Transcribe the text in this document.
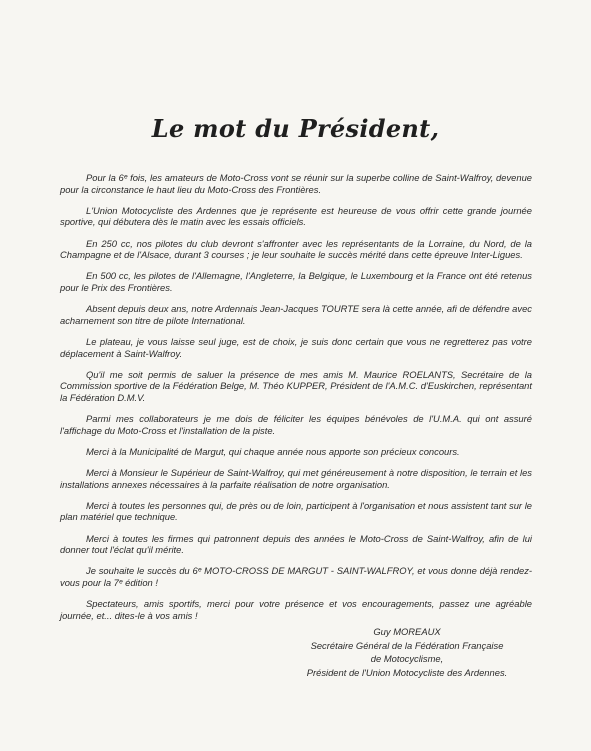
Le mot du Président,

Pour la 6ᵉ fois, les amateurs de Moto-Cross vont se réunir sur la superbe colline de Saint-Walfroy, devenue pour la circonstance le haut lieu du Moto-Cross des Frontières.

L'Union Motocycliste des Ardennes que je représente est heureuse de vous offrir cette grande journée sportive, qui débutera dès le matin avec les essais officiels.

En 250 cc, nos pilotes du club devront s'affronter avec les représentants de la Lorraine, du Nord, de la Champagne et de l'Alsace, durant 3 courses ; je leur souhaite le succès mérité dans cette épreuve Inter-Ligues.

En 500 cc, les pilotes de l'Allemagne, l'Angleterre, la Belgique, le Luxembourg et la France ont été retenus pour le Prix des Frontières.

Absent depuis deux ans, notre Ardennais Jean-Jacques TOURTE sera là cette année, afi de défendre avec acharnement son titre de pilote International.

Le plateau, je vous laisse seul juge, est de choix, je suis donc certain que vous ne regretterez pas votre déplacement à Saint-Walfroy.

Qu'il me soit permis de saluer la présence de mes amis M. Maurice ROELANTS, Secrétaire de la Commission sportive de la Fédération Belge, M. Théo KUPPER, Président de l'A.M.C. d'Euskirchen, représentant la Fédération D.M.V.

Parmi mes collaborateurs je me dois de féliciter les équipes bénévoles de l'U.M.A. qui ont assuré l'affichage du Moto-Cross et l'installation de la piste.

Merci à la Municipalité de Margut, qui chaque année nous apporte son précieux concours.

Merci à Monsieur le Supérieur de Saint-Walfroy, qui met généreusement à notre disposition, le terrain et les installations annexes nécessaires à la parfaite réalisation de notre organisation.

Merci à toutes les personnes qui, de près ou de loin, participent à l'organisation et nous assistent tant sur le plan matériel que technique.

Merci à toutes les firmes qui patronnent depuis des années le Moto-Cross de Saint-Walfroy, afin de lui donner tout l'éclat qu'il mérite.

Je souhaite le succès du 6ᵉ MOTO-CROSS DE MARGUT - SAINT-WALFROY, et vous donne déjà rendez-vous pour la 7ᵉ édition !

Spectateurs, amis sportifs, merci pour votre présence et vos encouragements, passez une agréable journée, et... dites-le à vos amis !

Guy MOREAUX
Secrétaire Général de la Fédération Française
de Motocyclisme,
Président de l'Union Motocycliste des Ardennes.
